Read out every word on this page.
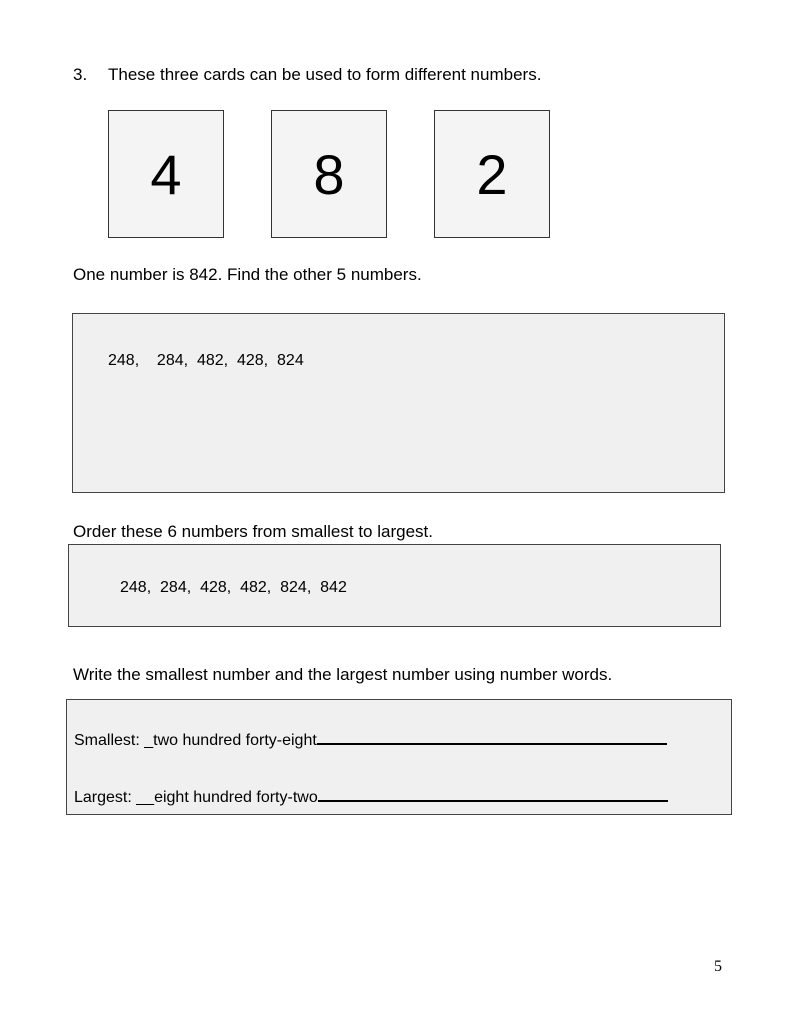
3. These three cards can be used to form different numbers.
4 8 2
One number is 842. Find the other 5 numbers.
248,    284,  482,  428,  824
Order these 6 numbers from smallest to largest.
248,  284,  428,  482,  824,  842
Write the smallest number and the largest number using number words.
Smallest: _two hundred forty-eight
Largest: __eight hundred forty-two
5
